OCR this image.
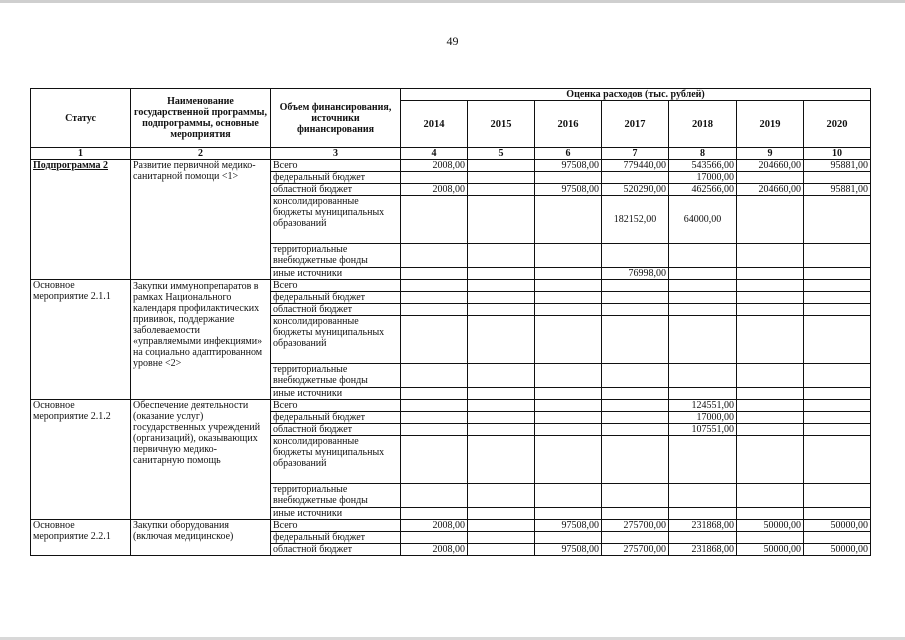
49
Статус	Наименование государственной программы, подпрограммы, основные мероприятия	Объем финансирования, источники финансирования	Оценка расходов (тыс. рублей)						
			2014	2015	2016	2017	2018	2019	2020
1	2	3	4	5	6	7	8	9	10
Подпрограмма 2	Развитие первичной медико-санитарной помощи <1>	Всего	2008,00		97508,00	779440,00	543566,00	204660,00	95881,00
		федеральный бюджет					17000,00		
		областной бюджет	2008,00		97508,00	520290,00	462566,00	204660,00	95881,00
		консолидированные бюджеты муниципальных образований				182152,00	64000,00		
		территориальные внебюджетные фонды							
		иные источники				76998,00			
Основное мероприятие 2.1.1	Закупки иммунопрепаратов в рамках Национального календаря профилактических прививок, поддержание заболеваемости «управляемыми инфекциями» на социально адаптированном уровне <2>	Всего							
		федеральный бюджет							
		областной бюджет							
		консолидированные бюджеты муниципальных образований							
		территориальные внебюджетные фонды							
		иные источники							
Основное мероприятие 2.1.2	Обеспечение деятельности (оказание услуг) государственных учреждений (организаций), оказывающих первичную медико-санитарную помощь	Всего					124551,00		
		федеральный бюджет					17000,00		
		областной бюджет					107551,00		
		консолидированные бюджеты муниципальных образований							
		территориальные внебюджетные фонды							
		иные источники							
Основное мероприятие 2.2.1	Закупки оборудования (включая медицинское)	Всего	2008,00		97508,00	275700,00	231868,00	50000,00	50000,00
		федеральный бюджет							
		областной бюджет	2008,00		97508,00	275700,00	231868,00	50000,00	50000,00
